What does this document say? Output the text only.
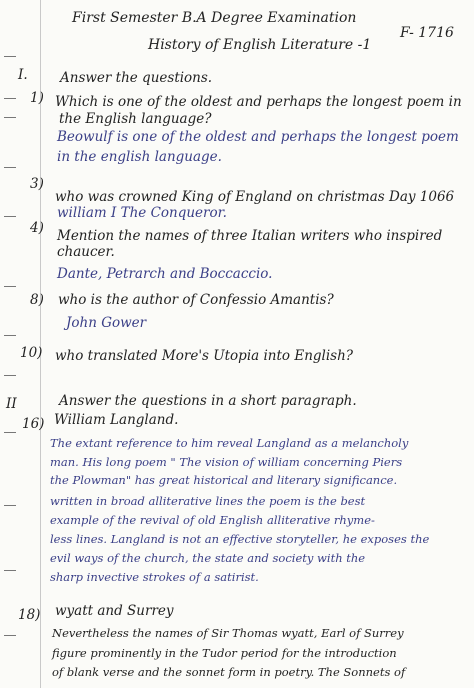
First Semester B.A Degree Examination
History of English Literature -1
F- 1716
I. Answer the questions.
1) Which is one of the oldest and perhaps the longest poem in
the English language?
Beowulf is one of the oldest and perhaps the longest poem
in the english language.
3)
who was crowned King of England on christmas Day 1066
william I The Conqueror.
4) Mention the names of three Italian writers who inspired
chaucer.
Dante, Petrarch and Boccaccio.
8) who is the author of Confessio Amantis?
John Gower
10) who translated More's Utopia into English?
II	Answer the questions in a short paragraph.
16) William Langland.
The extant reference to him reveal Langland as a melancholy
man. His long poem " The vision of william concerning Piers
the Plowman" has great historical and literary significance.
written in broad alliterative lines the poem is the best
example of the revival of old English alliterative rhyme-
less lines. Langland is not an effective storyteller, he exposes the
evil ways of the church, the state and society with the
sharp invective strokes of a satirist.
18) wyatt and Surrey
Nevertheless the names of Sir Thomas wyatt, Earl of Surrey
figure prominently in the Tudor period for the introduction
of blank verse and the sonnet form in poetry. The Sonnets of
